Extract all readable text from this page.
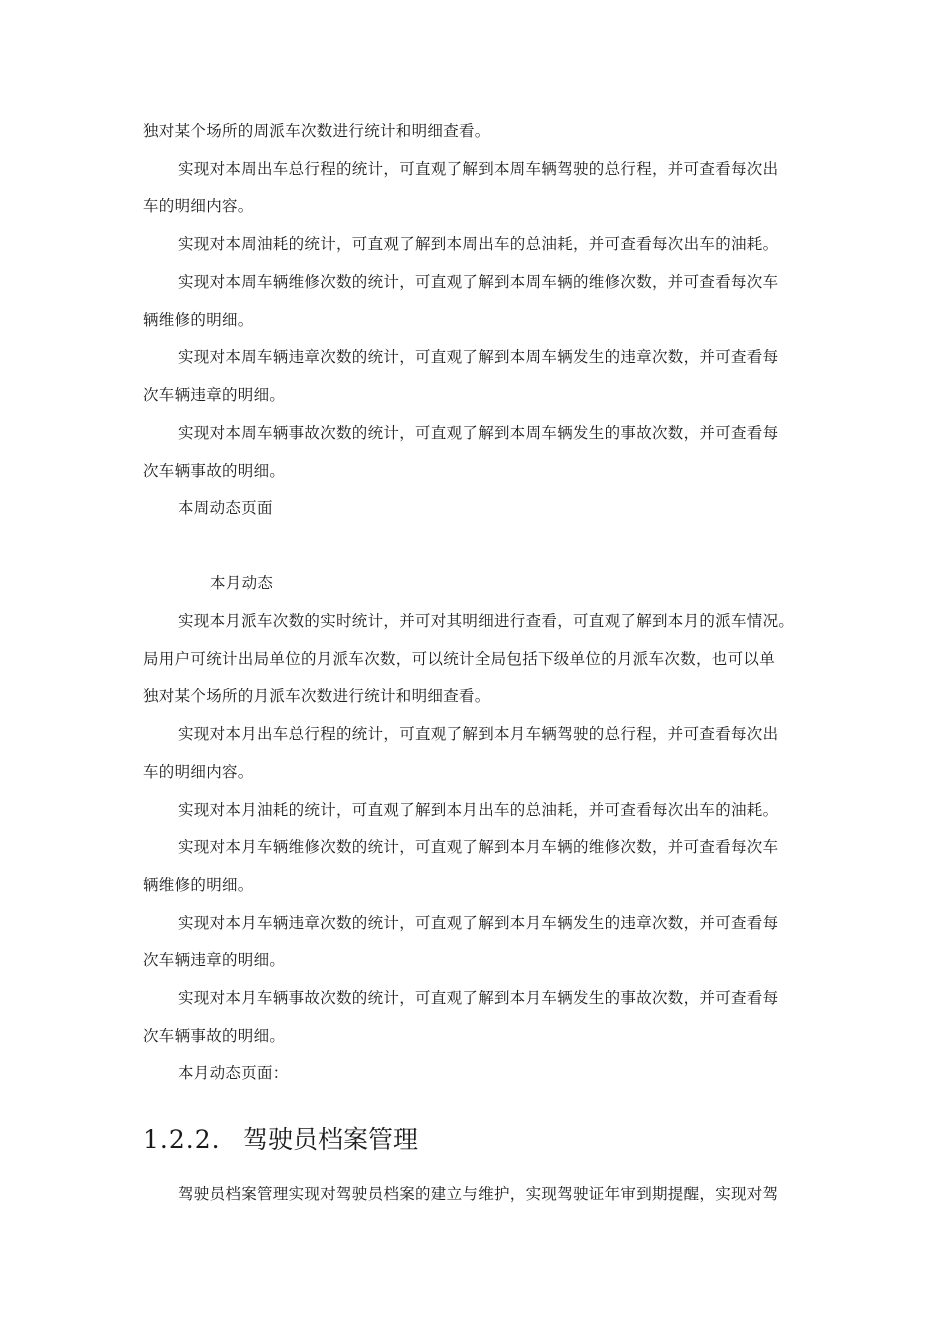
独对某个场所的周派车次数进行统计和明细查看。
实现对本周出车总行程的统计，可直观了解到本周车辆驾驶的总行程，并可查看每次出
车的明细内容。
实现对本周油耗的统计，可直观了解到本周出车的总油耗，并可查看每次出车的油耗。
实现对本周车辆维修次数的统计，可直观了解到本周车辆的维修次数，并可查看每次车
辆维修的明细。
实现对本周车辆违章次数的统计，可直观了解到本周车辆发生的违章次数，并可查看每
次车辆违章的明细。
实现对本周车辆事故次数的统计，可直观了解到本周车辆发生的事故次数，并可查看每
次车辆事故的明细。
本周动态页面
本月动态
实现本月派车次数的实时统计，并可对其明细进行查看，可直观了解到本月的派车情况。
局用户可统计出局单位的月派车次数，可以统计全局包括下级单位的月派车次数，也可以单
独对某个场所的月派车次数进行统计和明细查看。
实现对本月出车总行程的统计，可直观了解到本月车辆驾驶的总行程，并可查看每次出
车的明细内容。
实现对本月油耗的统计，可直观了解到本月出车的总油耗，并可查看每次出车的油耗。
实现对本月车辆维修次数的统计，可直观了解到本月车辆的维修次数，并可查看每次车
辆维修的明细。
实现对本月车辆违章次数的统计，可直观了解到本月车辆发生的违章次数，并可查看每
次车辆违章的明细。
实现对本月车辆事故次数的统计，可直观了解到本月车辆发生的事故次数，并可查看每
次车辆事故的明细。
本月动态页面：
1.2.2. 驾驶员档案管理
驾驶员档案管理实现对驾驶员档案的建立与维护，实现驾驶证年审到期提醒，实现对驾
